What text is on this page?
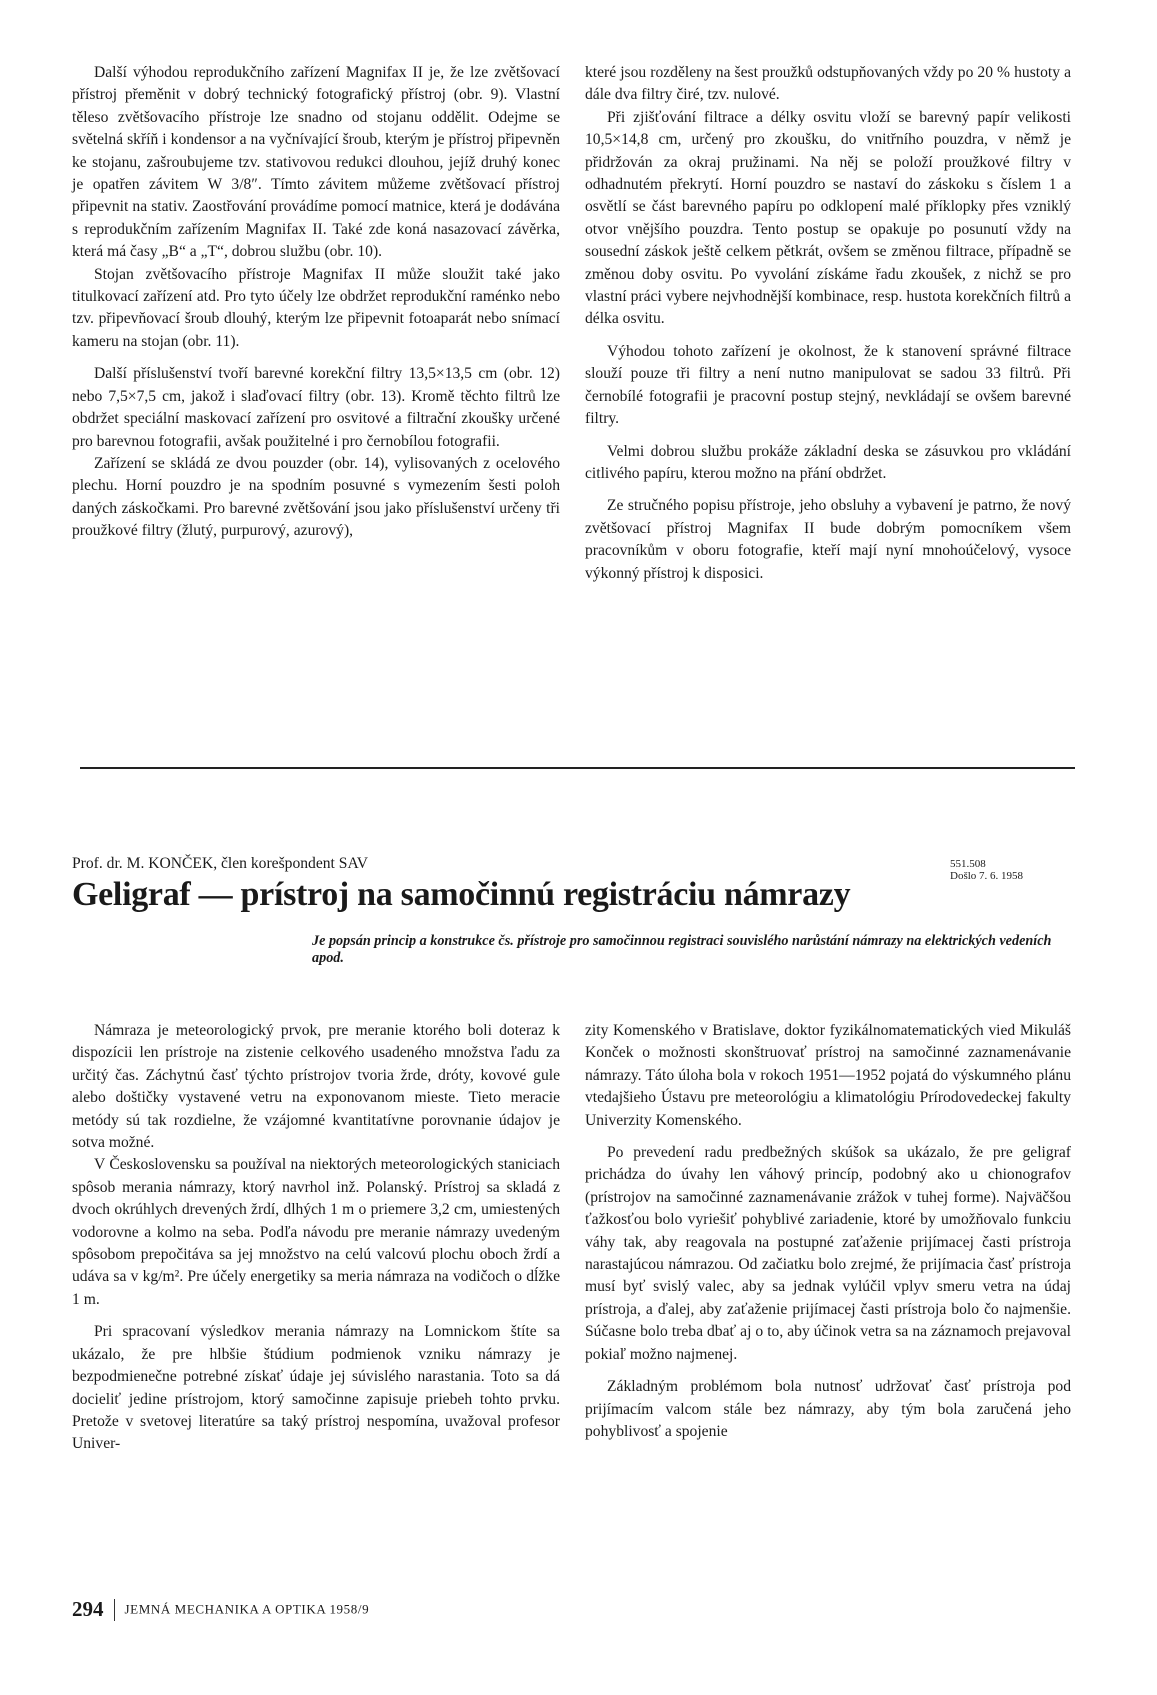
Další výhodou reprodukčního zařízení Magnifax II je, že lze zvětšovací přístroj přeměnit v dobrý technický fotografický přístroj (obr. 9). Vlastní těleso zvětšovacího přístroje lze snadno od stojanu oddělit. Odejme se světelná skříň i kondensor a na vyčnívající šroub, kterým je přístroj připevněn ke stojanu, zašroubujeme tzv. stativovou redukci dlouhou, jejíž druhý konec je opatřen závitem W 3/8″. Tímto závitem můžeme zvětšovací přístroj připevnit na stativ. Zaostřování provádíme pomocí matnice, která je dodávána s reprodukčním zařízením Magnifax II. Také zde koná nasazovací závěrka, která má časy „B“ a „T“, dobrou službu (obr. 10).

Stojan zvětšovacího přístroje Magnifax II může sloužit také jako titulkovací zařízení atd. Pro tyto účely lze obdržet reprodukční raménko nebo tzv. připevňovací šroub dlouhý, kterým lze připevnit fotoaparát nebo snímací kameru na stojan (obr. 11).

Další příslušenství tvoří barevné korekční filtry 13,5×13,5 cm (obr. 12) nebo 7,5×7,5 cm, jakož i slaďovací filtry (obr. 13). Kromě těchto filtrů lze obdržet speciální maskovací zařízení pro osvitové a filtrační zkoušky určené pro barevnou fotografii, avšak použitelné i pro černobílou fotografii.

Zařízení se skládá ze dvou pouzder (obr. 14), vylisovaných z ocelového plechu. Horní pouzdro je na spodním posuvné s vymezením šesti poloh daných záskočkami. Pro barevné zvětšování jsou jako příslušenství určeny tři proužkové filtry (žlutý, purpurový, azurový),

které jsou rozděleny na šest proužků odstupňovaných vždy po 20 % hustoty a dále dva filtry čiré, tzv. nulové.

Při zjišťování filtrace a délky osvitu vloží se barevný papír velikosti 10,5×14,8 cm, určený pro zkoušku, do vnitřního pouzdra, v němž je přidržován za okraj pružinami. Na něj se položí proužkové filtry v odhadnutém překrytí. Horní pouzdro se nastaví do záskoku s číslem 1 a osvětlí se část barevného papíru po odklopení malé příklopky přes vzniklý otvor vnějšího pouzdra. Tento postup se opakuje po posunutí vždy na sousední záskok ještě celkem pětkrát, ovšem se změnou filtrace, případně se změnou doby osvitu. Po vyvolání získáme řadu zkoušek, z nichž se pro vlastní práci vybere nejvhodnější kombinace, resp. hustota korekčních filtrů a délka osvitu.

Výhodou tohoto zařízení je okolnost, že k stanovení správné filtrace slouží pouze tři filtry a není nutno manipulovat se sadou 33 filtrů. Při černobílé fotografii je pracovní postup stejný, nevkládají se ovšem barevné filtry.

Velmi dobrou službu prokáže základní deska se zásuvkou pro vkládání citlivého papíru, kterou možno na přání obdržet.

Ze stručného popisu přístroje, jeho obsluhy a vybavení je patrno, že nový zvětšovací přístroj Magnifax II bude dobrým pomocníkem všem pracovníkům v oboru fotografie, kteří mají nyní mnohoúčelový, vysoce výkonný přístroj k disposici.

Prof. dr. M. KONČEK, člen korešpondent SAV	551.508
Došlo 7. 6. 1958
Geligraf — prístroj na samočinnú registráciu námrazy
Je popsán princip a konstrukce čs. přístroje pro samočinnou registraci souvislého narůstání námrazy na elektrických vedeních apod.

Námraza je meteorologický prvok, pre meranie ktorého boli doteraz k dispozícii len prístroje na zistenie celkového usadeného množstva ľadu za určitý čas. Záchytnú časť týchto prístrojov tvoria žrde, dróty, kovové gule alebo doštičky vystavené vetru na exponovanom mieste. Tieto meracie metódy sú tak rozdielne, že vzájomné kvantitatívne porovnanie údajov je sotva možné.

V Československu sa používal na niektorých meteorologických staniciach spôsob merania námrazy, ktorý navrhol inž. Polanský. Prístroj sa skladá z dvoch okrúhlych drevených žrdí, dlhých 1 m o priemere 3,2 cm, umiestených vodorovne a kolmo na seba. Podľa návodu pre meranie námrazy uvedeným spôsobom prepočitáva sa jej množstvo na celú valcovú plochu oboch žrdí a udáva sa v kg/m². Pre účely energetiky sa meria námraza na vodičoch o dĺžke 1 m.

Pri spracovaní výsledkov merania námrazy na Lomnickom štíte sa ukázalo, že pre hlbšie štúdium podmienok vzniku námrazy je bezpodmienečne potrebné získať údaje jej súvislého narastania. Toto sa dá docieliť jedine prístrojom, ktorý samočinne zapisuje priebeh tohto prvku. Pretože v svetovej literatúre sa taký prístroj nespomína, uvažoval profesor Univer-

zity Komenského v Bratislave, doktor fyzikálnomatematických vied Mikuláš Konček o možnosti skonštruovať prístroj na samočinné zaznamenávanie námrazy. Táto úloha bola v rokoch 1951—1952 pojatá do výskumného plánu vtedajšieho Ústavu pre meteorológiu a klimatológiu Prírodovedeckej fakulty Univerzity Komenského.

Po prevedení radu predbežných skúšok sa ukázalo, že pre geligraf prichádza do úvahy len váhový princíp, podobný ako u chionografov (prístrojov na samočinné zaznamenávanie zrážok v tuhej forme). Najväčšou ťažkosťou bolo vyriešiť pohyblivé zariadenie, ktoré by umožňovalo funkciu váhy tak, aby reagovala na postupné zaťaženie prijímacej časti prístroja narastajúcou námrazou. Od začiatku bolo zrejmé, že prijímacia časť prístroja musí byť svislý valec, aby sa jednak vylúčil vplyv smeru vetra na údaj prístroja, a ďalej, aby zaťaženie prijímacej časti prístroja bolo čo najmenšie. Súčasne bolo treba dbať aj o to, aby účinok vetra sa na záznamoch prejavoval pokiaľ možno najmenej.

Základným problémom bola nutnosť udržovať časť prístroja pod prijímacím valcom stále bez námrazy, aby tým bola zaručená jeho pohyblivosť a spojenie

294 JEMNÁ MECHANIKA A OPTIKA 1958/9
